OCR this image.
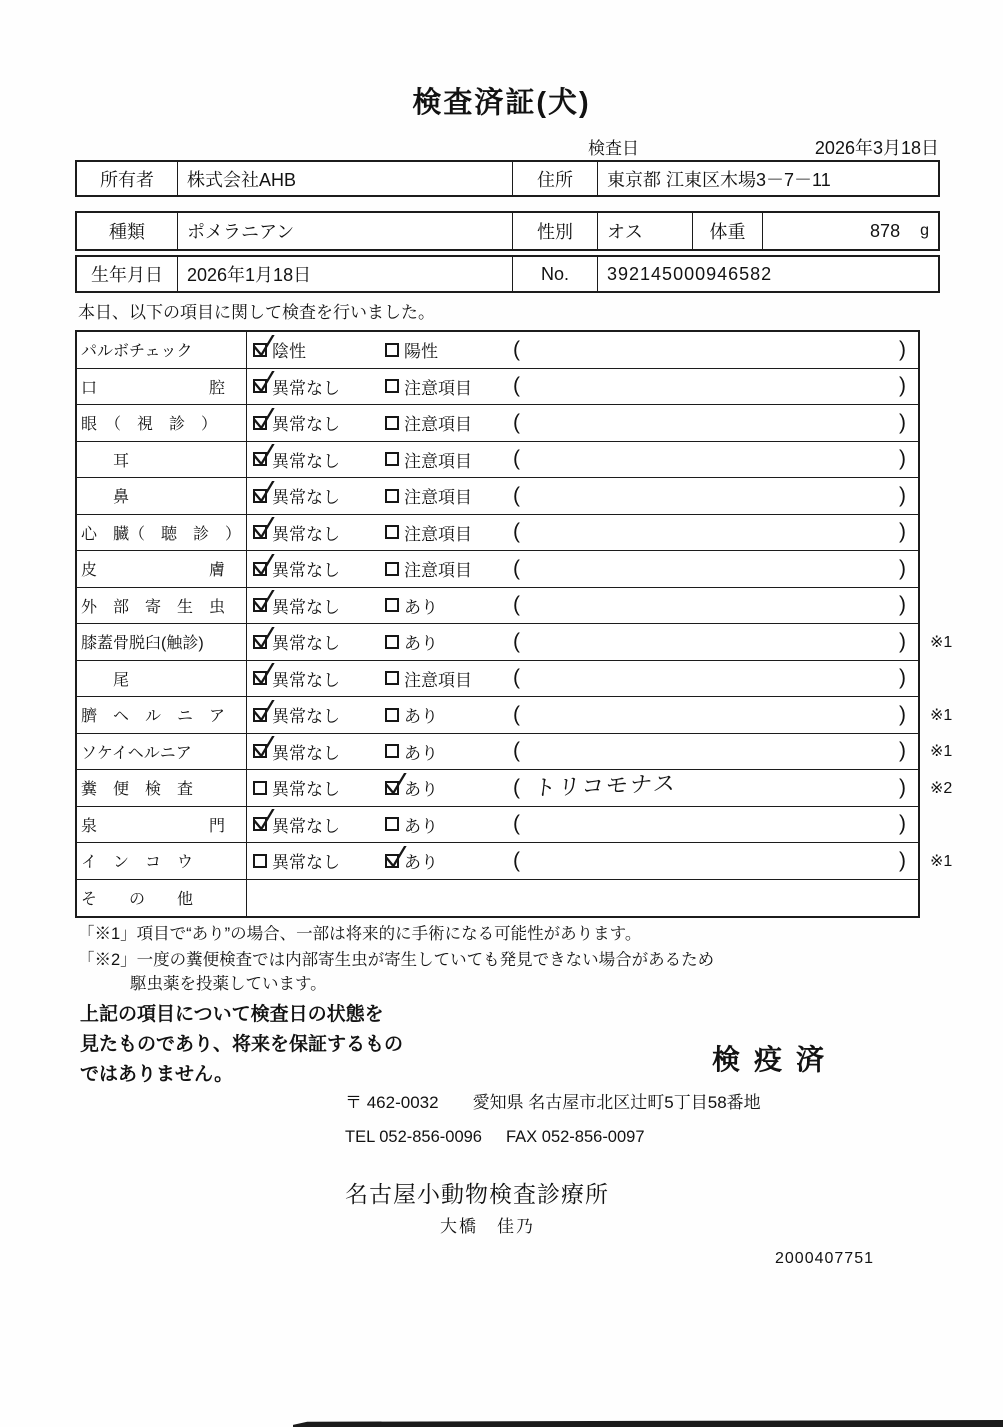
検査済証(犬)
検査日	2026年3月18日
所有者	株式会社AHB	住所	東京都 江東区木場3－7－11
種類	ポメラニアン	性別	オス	体重	878 g
生年月日	2026年1月18日	No.	392145000946582
本日、以下の項目に関して検査を行いました。
パルボチェック	陰性	陽性	(	)
口　　　　　　　腔	異常なし	注意項目 (	)
眼　（　視　診　）	異常なし	注意項目 (	)
　　耳	異常なし	注意項目 (	)
　　鼻	異常なし	注意項目 (	)
心　臓（　聴　診　）	異常なし	注意項目 (	)
皮　　　　　　　膚	異常なし	注意項目 (	)
外　部　寄　生　虫	異常なし	あり	(	)
膝蓋骨脱臼(触診)	異常なし	あり	(	) ※1
　　尾	異常なし	注意項目 (	)
臍　ヘ　ル　ニ　ア	異常なし	あり	(	) ※1
ソケイヘルニア	異常なし	あり	(	) ※1
糞　便　検　査	異常なし	あり	( トリコモナス	) ※2
泉　　　　　　　門	異常なし	あり	(	)
イ　ン　コ　ウ	異常なし	あり	(	) ※1
そ　　の　　他
「※1」項目で“あり”の場合、一部は将来的に手術になる可能性があります。
「※2」一度の糞便検査では内部寄生虫が寄生していても発見できない場合があるため
駆虫薬を投薬しています。
上記の項目について検査日の状態を
見たものであり、将来を保証するもの
ではありません。	検疫済
〒 462-0032 愛知県 名古屋市北区辻町5丁目58番地
TEL 052-856-0096 FAX 052-856-0097
名古屋小動物検査診療所
大橋　佳乃
2000407751
